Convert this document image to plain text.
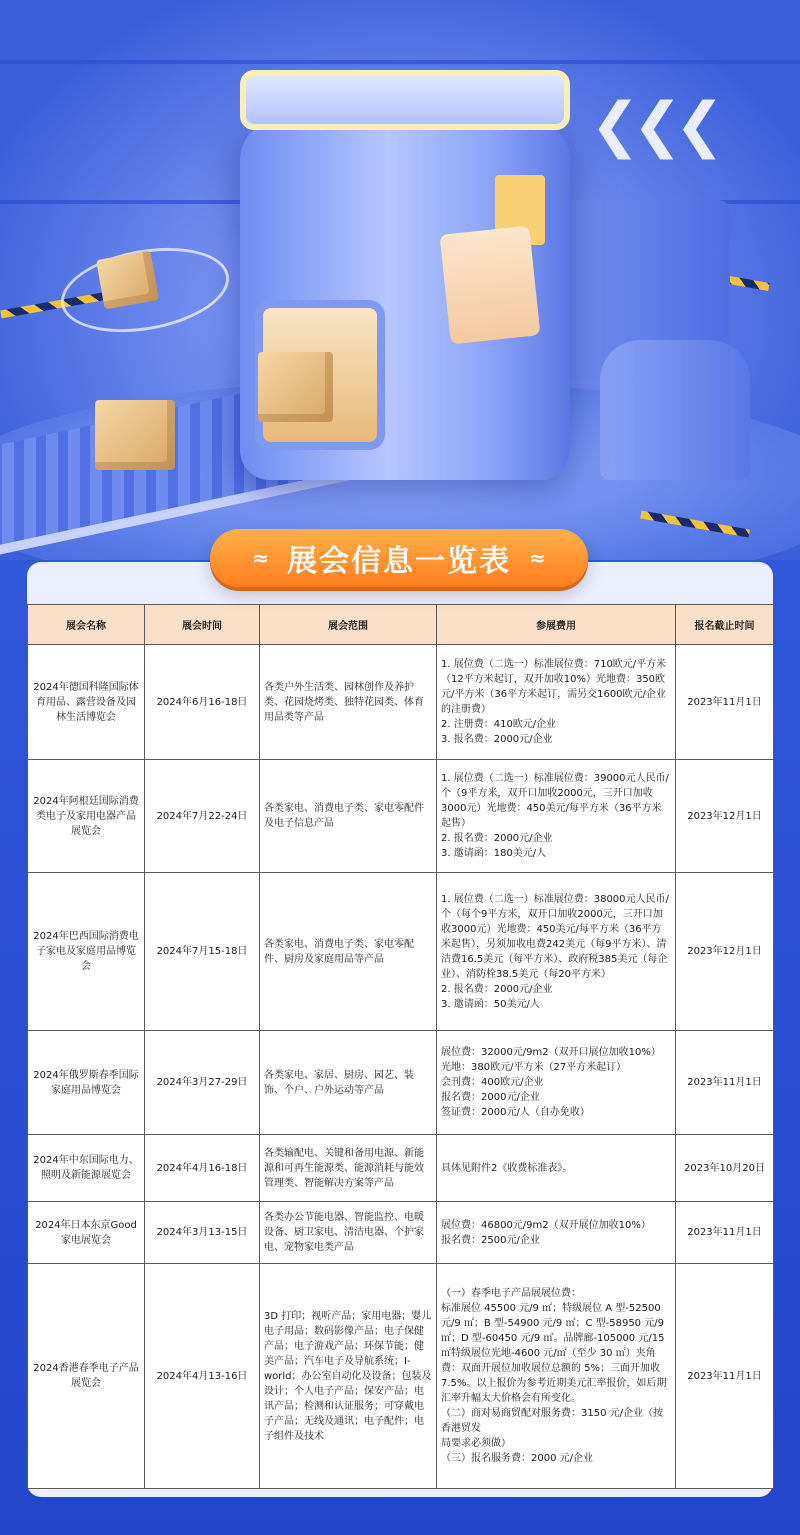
❮❮❮
≈ 展会信息一览表 ≈
展会名称	展会时间	展会范围	参展费用	报名截止时间
2024年德国科隆国际体育用品、露营设备及园林生活博览会	2024年6月16-18日	各类户外生活类、园林创作及养护类、花园烧烤类、独特花园类、体育用品类等产品	1. 展位费（二选一）标准展位费：710欧元/平方米（12平方米起订，双开加收10%）光地费：350欧元/平方米（36平方米起订，需另交1600欧元/企业的注册费）
2. 注册费：410欧元/企业
3. 报名费：2000元/企业	2023年11月1日
2024年阿根廷国际消费类电子及家用电器产品展览会	2024年7月22-24日	各类家电、消费电子类、家电零配件及电子信息产品	1. 展位费（二选一）标准展位费：39000元人民币/个（9平方米，双开口加收2000元，三开口加收3000元）光地费：450美元/每平方米（36平方米起售）
2. 报名费：2000元/企业
3. 邀请函：180美元/人	2023年12月1日
2024年巴西国际消费电子家电及家庭用品博览会	2024年7月15-18日	各类家电、消费电子类、家电零配件、厨房及家庭用品等产品	1. 展位费（二选一）标准展位费：38000元人民币/个（每个9平方米，双开口加收2000元，三开口加收3000元）光地费：450美元/每平方米（36平方米起售），另须加收电费242美元（每9平方米）、清洁费16.5美元（每平方米）、政府税385美元（每企业）、消防栓38.5美元（每20平方米）
2. 报名费：2000元/企业
3. 邀请函：50美元/人	2023年12月1日
2024年俄罗斯春季国际家庭用品博览会	2024年3月27-29日	各类家电、家居、厨房、园艺、装饰、个户、户外运动等产品	展位费：32000元/9m2（双开口展位加收10%）
光地：380欧元/平方米（27平方米起订）
会刊费：400欧元/企业
报名费：2000元/企业
签证费：2000元/人（自办免收）	2023年11月1日
2024年中东国际电力、照明及新能源展览会	2024年4月16-18日	各类输配电、关键和备用电源、新能源和可再生能源类、能源消耗与能效管理类、智能解决方案等产品	具体见附件2《收费标准表》。	2023年10月20日
2024年日本东京Good家电展览会	2024年3月13-15日	各类办公节能电器、智能监控、电暖设备、厨卫家电、清洁电器、个护家电、宠物家电类产品	展位费：46800元/9m2（双开展位加收10%）
报名费：2500元/企业	2023年11月1日
2024香港春季电子产品展览会	2024年4月13-16日	3D 打印；视听产品；家用电器；婴儿电子用品；数码影像产品；电子保健产品；电子游戏产品；环保节能；健美产品；汽车电子及导航系统；I-world；办公室自动化及设备；包装及设计；个人电子产品；保安产品；电讯产品；检测和认证服务；可穿戴电子产品；无线及通讯；电子配件；电子组件及技术	（一）春季电子产品展展位费：
标准展位 45500 元/9 ㎡；特级展位 A 型-52500 元/9 ㎡；B 型-54900 元/9 ㎡；C 型-58950 元/9 ㎡；D 型-60450 元/9 ㎡。品牌廊-105000 元/15 ㎡特级展位光地-4600 元/㎡（至少 30 ㎡）夹角费：双面开展位加收展位总额的 5%；三面开加收 7.5%。以上报价为参考近期美元汇率报价，如后期汇率升幅太大价格会有所变化。
（二）商对易商贸配对服务费：3150 元/企业（按香港贸发
局要求必须做）
（三）报名服务费：2000 元/企业	2023年11月1日
